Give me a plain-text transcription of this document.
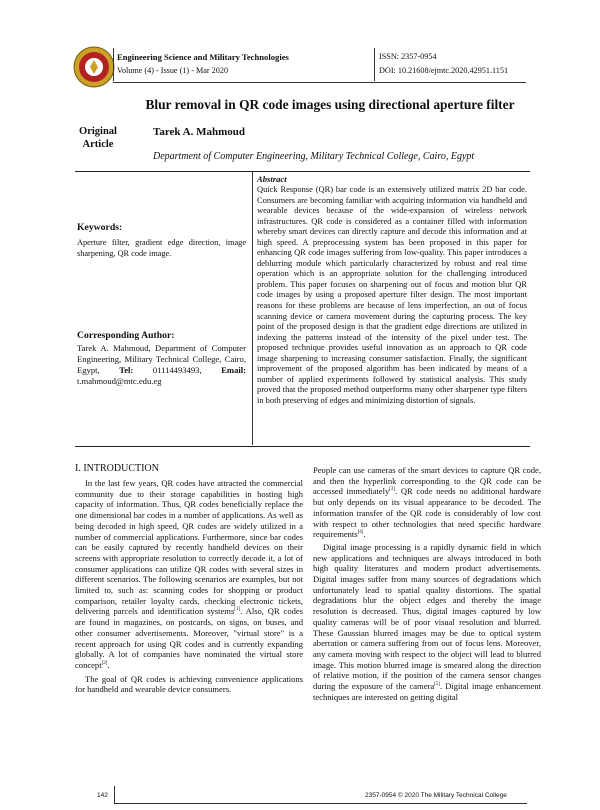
Engineering Science and Military Technologies
Volume (4) - Issue (1) - Mar 2020
ISSN: 2357-0954
DOI: 10.21608/ejmtc.2020.42951.1151
Blur removal in QR code images using directional aperture filter
Original
Article
Tarek A. Mahmoud
Department of Computer Engineering, Military Technical College, Cairo, Egypt
Abstract
Quick Response (QR) bar code is an extensively utilized matrix 2D bar code. Consumers are becoming familiar with acquiring information via handheld and wearable devices because of the wide-expansion of wireless network infrastructures. QR code is considered as a container filled with information whereby smart devices can directly capture and decode this information and at high speed. A preprocessing system has been proposed in this paper for enhancing QR code images suffering from low-quality. This paper introduces a deblurring module which particularly characterized by robust and real time operation which is an appropriate solution for the challenging introduced problem. This paper focuses on sharpening out of focus and motion blur QR code images by using a proposed aperture filter design. The most important reasons for these problems are because of lens imperfection, an out of focus scanning device or camera movement during the capturing process. The key point of the proposed design is that the gradient edge directions are utilized in indexing the patterns instead of the intensity of the pixel under test. The proposed technique provides useful innovation as an approach to QR code image sharpening to increasing consumer satisfaction. Finally, the significant improvement of the proposed algorithm has been indicated by means of a number of applied experiments followed by statistical analysis. This study proved that the proposed method outperforms many other sharpener type filters in both preserving of edges and minimizing distortion of signals.
Keywords:
Aperture filter, gradient edge direction, image sharpening, QR code image.
Corresponding Author:
Tarek A. Mahmoud, Department of Computer Engineering, Military Technical College, Cairo, Egypt, Tel: 01114493493, Email: t.mahmoud@mtc.edu.eg
I. INTRODUCTION

In the last few years, QR codes have attracted the commercial community due to their storage capabilities in hosting high capacity of information. Thus, QR codes beneficially replace the one dimensional bar codes in a number of applications. As well as being decoded in high speed, QR codes are widely utilized in a number of commercial applications. Furthermore, since bar codes can be easily captured by recently handheld devices on their screens with appropriate resolution to correctly decode it, a lot of consumer applications can utilize QR codes with several sizes in different scenarios. The following scenarios are examples, but not limited to, such as: scanning codes for shopping or product comparison, retailer loyalty cards, checking electronic tickets, delivering parcels and identification systems[1]. Also, QR codes are found in magazines, on postcards, on signs, on buses, and other consumer advertisements. Moreover, "virtual store" is a recent approach for using QR codes and is currently expanding globally. A lot of companies have nominated the virtual store concept[2].

The goal of QR codes is achieving convenience applications for handheld and wearable device consumers.

People can use cameras of the smart devices to capture QR code, and then the hyperlink corresponding to the QR code can be accessed immediately[3]. QR code needs no additional hardware but only depends on its visual appearance to be decoded. The information transfer of the QR code is considerably of low cost with respect to other technologies that need specific hardware requirements[4].

Digital image processing is a rapidly dynamic field in which new applications and techniques are always introduced in both high quality literatures and modern product advertisements. Digital images suffer from many sources of degradations which unfortunately lead to spatial quality distortions. The spatial degradations blur the object edges and thereby the image resolution is decreased. Thus, digital images captured by low quality cameras will be of poor visual resolution and blurred. These Gaussian blurred images may be due to optical system aberration or camera suffering from out of focus lens. Moreover, any camera moving with respect to the object will lead to blurred image. This motion blurred image is smeared along the direction of relative motion, if the position of the camera sensor changes during the exposure of the camera[5]. Digital image enhancement techniques are interested on getting digital

142	2357-0954 © 2020 The Military Technical College
